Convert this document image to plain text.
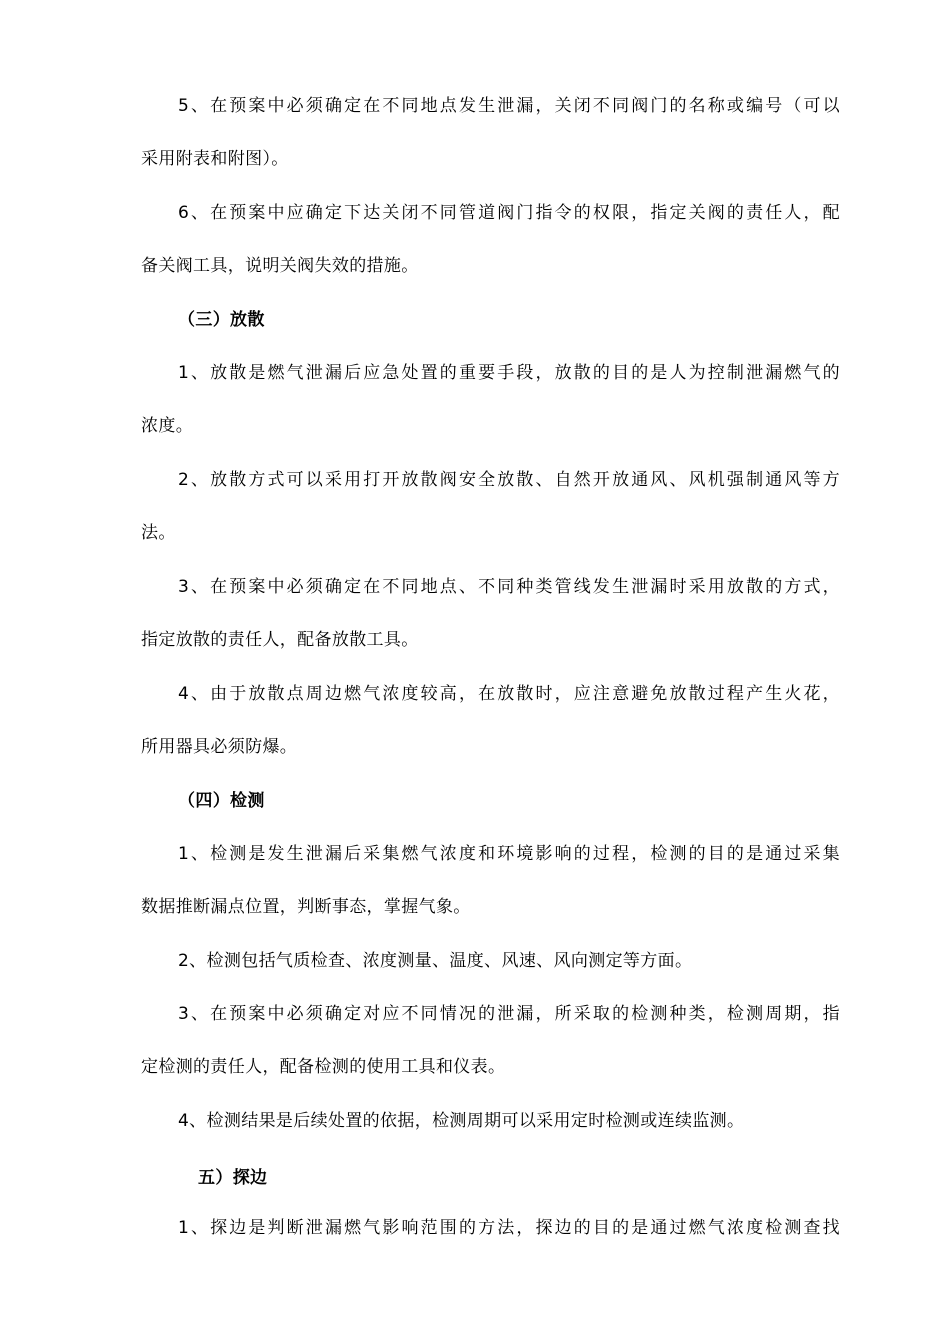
5、在预案中必须确定在不同地点发生泄漏，关闭不同阀门的名称或编号（可以
采用附表和附图）。
6、在预案中应确定下达关闭不同管道阀门指令的权限，指定关阀的责任人，配
备关阀工具，说明关阀失效的措施。
（三）放散
1、放散是燃气泄漏后应急处置的重要手段，放散的目的是人为控制泄漏燃气的
浓度。
2、放散方式可以采用打开放散阀安全放散、自然开放通风、风机强制通风等方
法。
3、在预案中必须确定在不同地点、不同种类管线发生泄漏时采用放散的方式，
指定放散的责任人，配备放散工具。
4、由于放散点周边燃气浓度较高，在放散时，应注意避免放散过程产生火花，
所用器具必须防爆。
（四）检测
1、检测是发生泄漏后采集燃气浓度和环境影响的过程，检测的目的是通过采集
数据推断漏点位置，判断事态，掌握气象。
2、检测包括气质检查、浓度测量、温度、风速、风向测定等方面。
3、在预案中必须确定对应不同情况的泄漏，所采取的检测种类，检测周期，指
定检测的责任人，配备检测的使用工具和仪表。
4、检测结果是后续处置的依据，检测周期可以采用定时检测或连续监测。
五）探边
1、探边是判断泄漏燃气影响范围的方法，探边的目的是通过燃气浓度检测查找
